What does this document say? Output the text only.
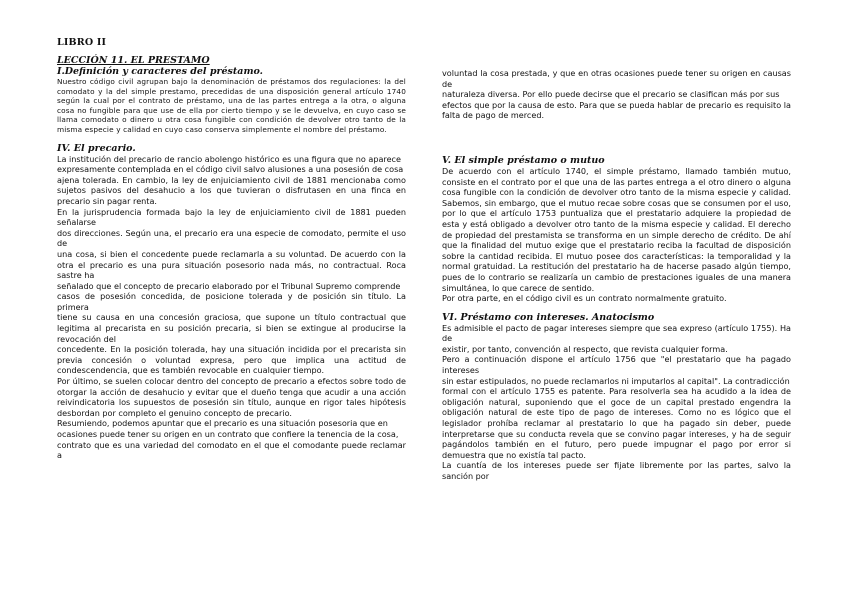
LIBRO II
LECCIÓN 11. EL PRESTAMO
I.Definición y caracteres del préstamo.

Nuestro código civil agrupan bajo la denominación de préstamos dos regulaciones: la del comodato y la del simple prestamo, precedidas de una disposición general artículo 1740 según la cual por el contrato de préstamo, una de las partes entrega a la otra, o alguna cosa no fungible para que use de ella por cierto tiempo y se le devuelva, en cuyo caso se llama comodato o dinero u otra cosa fungible con condición de devolver otro tanto de la misma especie y calidad en cuyo caso conserva simplemente el nombre del préstamo.

IV. El precario.

La institución del precario de rancio abolengo histórico es una figura que no aparece

expresamente contemplada en el código civil salvo alusiones a una posesión de cosa

ajena tolerada. En cambio, la ley de enjuiciamiento civil de 1881 mencionaba como sujetos pasivos del desahucio a los que tuvieran o disfrutasen en una finca en precario sin pagar renta.

En la jurisprudencia formada bajo la ley de enjuiciamiento civil de 1881 pueden señalarse

dos direcciones. Según una, el precario era una especie de comodato, permite el uso de

una cosa, si bien el concedente puede reclamarla a su voluntad. De acuerdo con la otra el precario es una pura situación posesorio nada más, no contractual. Roca sastre ha

señalado que el concepto de precario elaborado por el Tribunal Supremo comprende

casos de posesión concedida, de posicione tolerada y de posición sin título. La primera

tiene su causa en una concesión graciosa, que supone un título contractual que legitima al precarista en su posición precaria, si bien se extingue al producirse la revocación del

concedente. En la posición tolerada, hay una situación incidida por el precarista sin previa concesión o voluntad expresa, pero que implica una actitud de condescendencia, que es también revocable en cualquier tiempo.

Por último, se suelen colocar dentro del concepto de precario a efectos sobre todo de otorgar la acción de desahucio y evitar que el dueño tenga que acudir a una acción reivindicatoria los supuestos de posesión sin título, aunque en rigor tales hipótesis desbordan por completo el genuino concepto de precario.

Resumiendo, podemos apuntar que el precario es una situación posesoria que en

ocasiones puede tener su origen en un contrato que confiere la tenencia de la cosa,

contrato que es una variedad del comodato en el que el comodante puede reclamar a

voluntad la cosa prestada, y que en otras ocasiones puede tener su origen en causas de

naturaleza diversa. Por ello puede decirse que el precario se clasifican más por sus

efectos que por la causa de esto. Para que se pueda hablar de precario es requisito la falta de pago de merced.

V. El simple préstamo o mutuo

De acuerdo con el artículo 1740, el simple préstamo, llamado también mutuo, consiste en el contrato por el que una de las partes entrega a el otro dinero o alguna cosa fungible con la condición de devolver otro tanto de la misma especie y calidad. Sabemos, sin embargo, que el mutuo recae sobre cosas que se consumen por el uso, por lo que el artículo 1753 puntualiza que el prestatario adquiere la propiedad de esta y está obligado a devolver otro tanto de la misma especie y calidad. El derecho de propiedad del prestamista se transforma en un simple derecho de crédito. De ahí que la finalidad del mutuo exige que el prestatario reciba la facultad de disposición sobre la cantidad recibida. El mutuo posee dos características: la temporalidad y la normal gratuidad. La restitución del prestatario ha de hacerse pasado algún tiempo, pues de lo contrario se realizaría un cambio de prestaciones iguales de una manera simultánea, lo que carece de sentido.

Por otra parte, en el código civil es un contrato normalmente gratuito.

VI. Préstamo con intereses. Anatocismo

Es admisible el pacto de pagar intereses siempre que sea expreso (artículo 1755). Ha de

existir, por tanto, convención al respecto, que revista cualquier forma.

Pero a continuación dispone el artículo 1756 que "el prestatario que ha pagado intereses

sin estar estipulados, no puede reclamarlos ni imputarlos al capital". La contradicción

formal con el artículo 1755 es patente. Para resolverla sea ha acudido a la idea de obligación natural, suponiendo que el goce de un capital prestado engendra la obligación natural de este tipo de pago de intereses. Como no es lógico que el legislador prohíba reclamar al prestatario lo que ha pagado sin deber, puede interpretarse que su conducta revela que se convino pagar intereses, y ha de seguir pagándolos también en el futuro, pero puede impugnar el pago por error si demuestra que no existía tal pacto.

La cuantía de los intereses puede ser fijate libremente por las partes, salvo la sanción por
